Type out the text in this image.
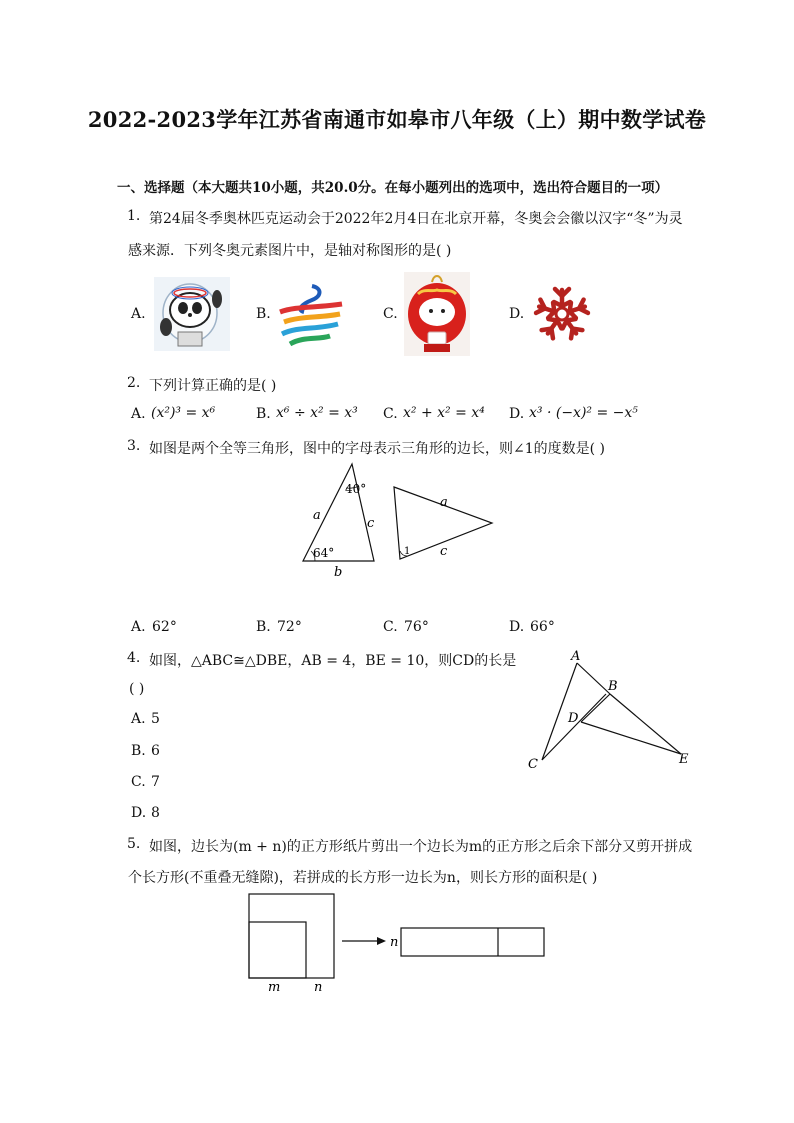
2022-2023学年江苏省南通市如皋市八年级（上）期中数学试卷
一、选择题（本大题共10小题，共20.0分。在每小题列出的选项中，选出符合题目的一项）
1. 第24届冬季奥林匹克运动会于2022年2月4日在北京开幕，冬奥会会徽以汉字“冬”为灵
感来源．下列冬奥元素图片中，是轴对称图形的是( )
A.	B.	C.	D.
2. 下列计算正确的是( )
A. (x²)³ = x⁶	B. x⁶ ÷ x² = x³ C. x² + x² = x⁴ D. x³ · (−x)² = −x⁵
3. 如图是两个全等三角形，图中的字母表示三角形的边长，则∠1的度数是( )
40°
64°
a
c
b
1
a
c
A. 62°	B. 72°	C. 76°	D. 66°
4. 如图，△ABC≅△DBE，AB = 4，BE = 10，则CD的长是
( )
A. 5
B. 6
C. 7
D. 8
A
B
D
C	E
5. 如图，边长为(m + n)的正方形纸片剪出一个边长为m的正方形之后余下部分又剪开拼成
个长方形(不重叠无缝隙)，若拼成的长方形一边长为n，则长方形的面积是( )
m	n
n
